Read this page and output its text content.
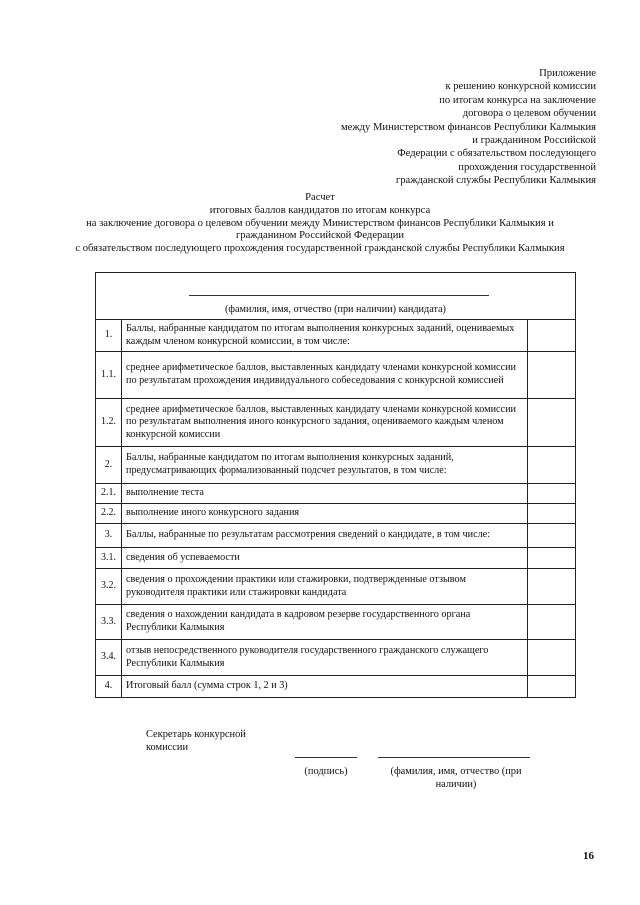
Приложение
к решению конкурсной комиссии
по итогам конкурса на заключение
договора о целевом обучении
между Министерством финансов Республики Калмыкия
и гражданином Российской
Федерации с обязательством последующего
прохождения государственной
гражданской службы Республики Калмыкия
Расчет
итоговых баллов кандидатов по итогам конкурса
на заключение договора о целевом обучении между Министерством финансов Республики Калмыкия и
гражданином Российской Федерации
с обязательством последующего прохождения государственной гражданской службы Республики Калмыкия
(фамилия, имя, отчество (при наличии) кандидата)		

1.	Баллы, набранные кандидатом по итогам выполнения конкурсных заданий, оцениваемых каждым членом конкурсной комиссии, в том числе:	
1.1.	среднее арифметическое баллов, выставленных кандидату членами конкурсной комиссии по результатам прохождения индивидуального собеседования с конкурсной комиссией	
1.2.	среднее арифметическое баллов, выставленных кандидату членами конкурсной комиссии по результатам выполнения иного конкурсного задания, оцениваемого каждым членом конкурсной комиссии	
2.	Баллы, набранные кандидатом по итогам выполнения конкурсных заданий, предусматривающих формализованный подсчет результатов, в том числе:	
2.1.	выполнение теста	
2.2.	выполнение иного конкурсного задания	
3.	Баллы, набранные по результатам рассмотрения сведений о кандидате, в том числе:	
3.1.	сведения об успеваемости	
3.2.	сведения о прохождении практики или стажировки, подтвержденные отзывом руководителя практики или стажировки кандидата	
3.3.	сведения о нахождении кандидата в кадровом резерве государственного органа Республики Калмыкия	
3.4.	отзыв непосредственного руководителя государственного гражданского служащего Республики Калмыкия	
4.	Итоговый балл (сумма строк 1, 2 и 3)	
Секретарь конкурсной
комиссии
(подпись)	(фамилия, имя, отчество (при наличии)
16
